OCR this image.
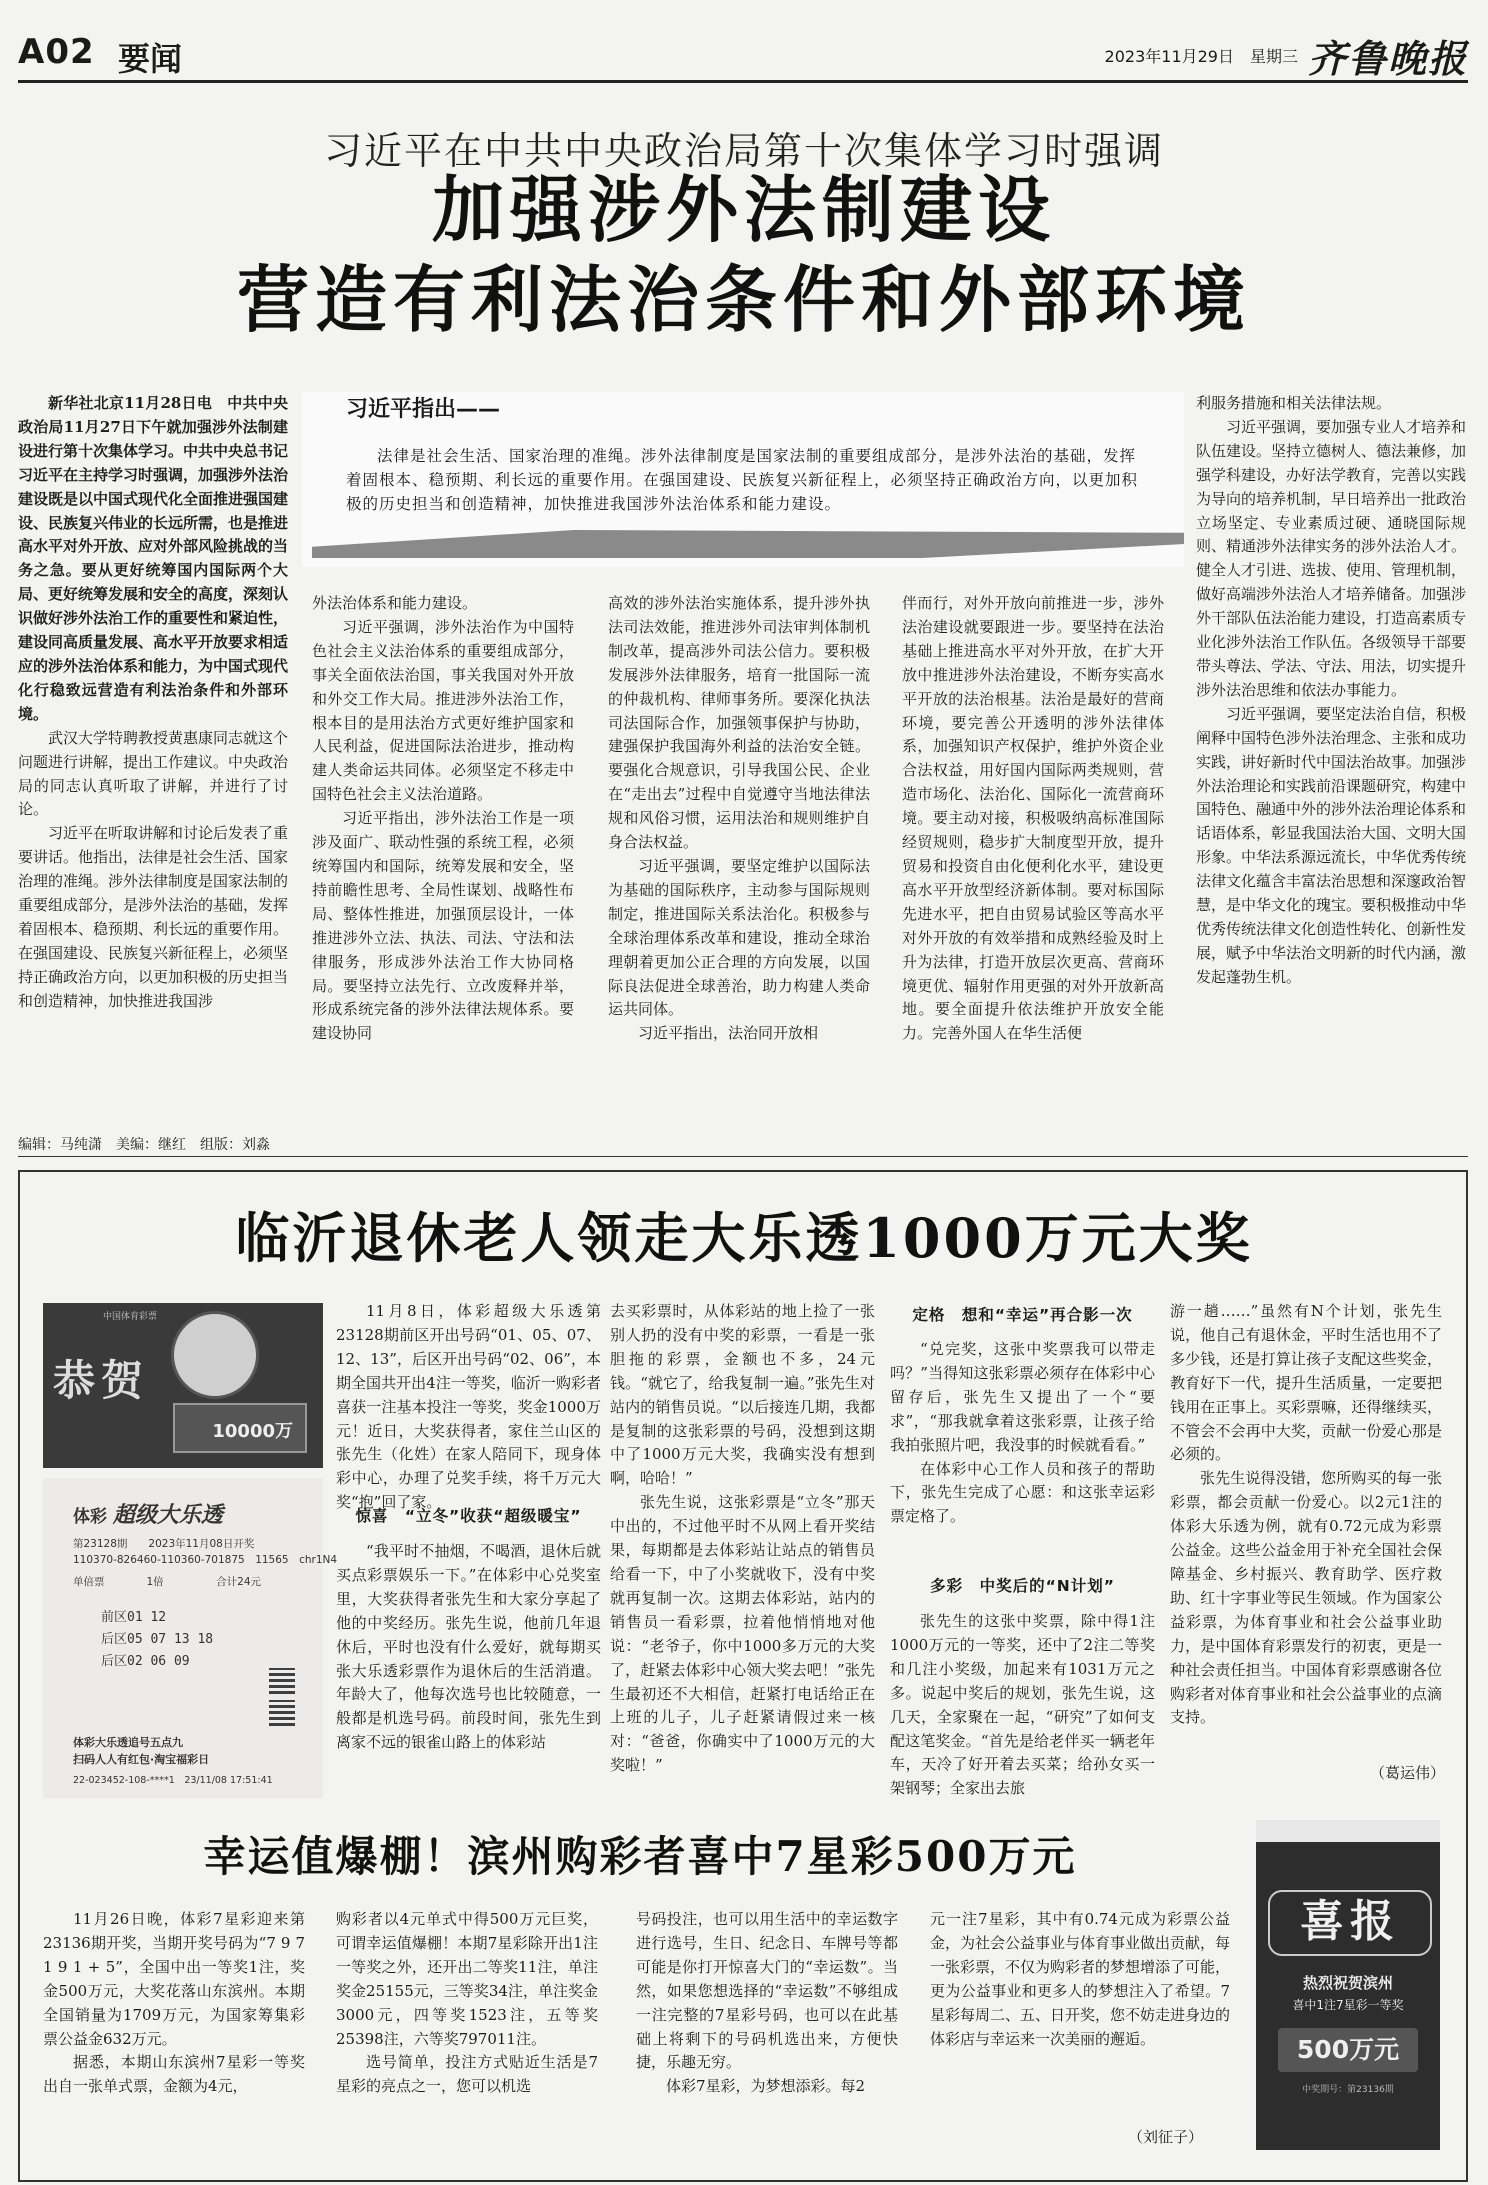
A02 要闻	2023年11月29日　星期三 齐鲁晚报
习近平在中共中央政治局第十次集体学习时强调
加强涉外法制建设
营造有利法治条件和外部环境
习近平指出——
法律是社会生活、国家治理的准绳。涉外法律制度是国家法制的重要组成部分，是涉外法治的基础，发挥着固根本、稳预期、利长远的重要作用。在强国建设、民族复兴新征程上，必须坚持正确政治方向，以更加积极的历史担当和创造精神，加快推进我国涉外法治体系和能力建设。

新华社北京11月28日电　中共中央政治局11月27日下午就加强涉外法制建设进行第十次集体学习。中共中央总书记习近平在主持学习时强调，加强涉外法治建设既是以中国式现代化全面推进强国建设、民族复兴伟业的长远所需，也是推进高水平对外开放、应对外部风险挑战的当务之急。要从更好统筹国内国际两个大局、更好统筹发展和安全的高度，深刻认识做好涉外法治工作的重要性和紧迫性，建设同高质量发展、高水平开放要求相适应的涉外法治体系和能力，为中国式现代化行稳致远营造有利法治条件和外部环境。

武汉大学特聘教授黄惠康同志就这个问题进行讲解，提出工作建议。中央政治局的同志认真听取了讲解，并进行了讨论。

习近平在听取讲解和讨论后发表了重要讲话。他指出，法律是社会生活、国家治理的准绳。涉外法律制度是国家法制的重要组成部分，是涉外法治的基础，发挥着固根本、稳预期、利长远的重要作用。在强国建设、民族复兴新征程上，必须坚持正确政治方向，以更加积极的历史担当和创造精神，加快推进我国涉

外法治体系和能力建设。

习近平强调，涉外法治作为中国特色社会主义法治体系的重要组成部分，事关全面依法治国，事关我国对外开放和外交工作大局。推进涉外法治工作，根本目的是用法治方式更好维护国家和人民利益，促进国际法治进步，推动构建人类命运共同体。必须坚定不移走中国特色社会主义法治道路。

习近平指出，涉外法治工作是一项涉及面广、联动性强的系统工程，必须统筹国内和国际，统筹发展和安全，坚持前瞻性思考、全局性谋划、战略性布局、整体性推进，加强顶层设计，一体推进涉外立法、执法、司法、守法和法律服务，形成涉外法治工作大协同格局。要坚持立法先行、立改废释并举，形成系统完备的涉外法律法规体系。要建设协同

高效的涉外法治实施体系，提升涉外执法司法效能，推进涉外司法审判体制机制改革，提高涉外司法公信力。要积极发展涉外法律服务，培育一批国际一流的仲裁机构、律师事务所。要深化执法司法国际合作，加强领事保护与协助，建强保护我国海外利益的法治安全链。要强化合规意识，引导我国公民、企业在“走出去”过程中自觉遵守当地法律法规和风俗习惯，运用法治和规则维护自身合法权益。

习近平强调，要坚定维护以国际法为基础的国际秩序，主动参与国际规则制定，推进国际关系法治化。积极参与全球治理体系改革和建设，推动全球治理朝着更加公正合理的方向发展，以国际良法促进全球善治，助力构建人类命运共同体。

习近平指出，法治同开放相

伴而行，对外开放向前推进一步，涉外法治建设就要跟进一步。要坚持在法治基础上推进高水平对外开放，在扩大开放中推进涉外法治建设，不断夯实高水平开放的法治根基。法治是最好的营商环境，要完善公开透明的涉外法律体系，加强知识产权保护，维护外资企业合法权益，用好国内国际两类规则，营造市场化、法治化、国际化一流营商环境。要主动对接，积极吸纳高标准国际经贸规则，稳步扩大制度型开放，提升贸易和投资自由化便利化水平，建设更高水平开放型经济新体制。要对标国际先进水平，把自由贸易试验区等高水平对外开放的有效举措和成熟经验及时上升为法律，打造开放层次更高、营商环境更优、辐射作用更强的对外开放新高地。要全面提升依法维护开放安全能力。完善外国人在华生活便

利服务措施和相关法律法规。

习近平强调，要加强专业人才培养和队伍建设。坚持立德树人、德法兼修，加强学科建设，办好法学教育，完善以实践为导向的培养机制，早日培养出一批政治立场坚定、专业素质过硬、通晓国际规则、精通涉外法律实务的涉外法治人才。健全人才引进、选拔、使用、管理机制，做好高端涉外法治人才培养储备。加强涉外干部队伍法治能力建设，打造高素质专业化涉外法治工作队伍。各级领导干部要带头尊法、学法、守法、用法，切实提升涉外法治思维和依法办事能力。

习近平强调，要坚定法治自信，积极阐释中国特色涉外法治理念、主张和成功实践，讲好新时代中国法治故事。加强涉外法治理论和实践前沿课题研究，构建中国特色、融通中外的涉外法治理论体系和话语体系，彰显我国法治大国、文明大国形象。中华法系源远流长，中华优秀传统法律文化蕴含丰富法治思想和深邃政治智慧，是中华文化的瑰宝。要积极推动中华优秀传统法律文化创造性转化、创新性发展，赋予中华法治文明新的时代内涵，激发起蓬勃生机。

编辑：马纯潇　美编：继红　组版：刘淼
临沂退休老人领走大乐透1000万元大奖
中国体育彩票
恭贺
10000万
体彩 超级大乐透
第23128期　　2023年11月08日开奖
110370-826460-110360-701875　11565　chr1N4
单倍票　　　　1倍　　　　　合计24元
前区01 12
后区05 07 13 18
后区02 06 09
体彩大乐透追号五点九
扫码人人有红包·淘宝福彩日
22-023452-108-****1　23/11/08 17:51:41

11月8日，体彩超级大乐透第23128期前区开出号码“01、05、07、12、13”，后区开出号码“02、06”，本期全国共开出4注一等奖，临沂一购彩者喜获一注基本投注一等奖，奖金1000万元！近日，大奖获得者，家住兰山区的张先生（化姓）在家人陪同下，现身体彩中心，办理了兑奖手续，将千万元大奖“抱”回了家。

惊喜　“立冬”收获“超级暖宝”

“我平时不抽烟，不喝酒，退休后就买点彩票娱乐一下。”在体彩中心兑奖室里，大奖获得者张先生和大家分享起了他的中奖经历。张先生说，他前几年退休后，平时也没有什么爱好，就每期买张大乐透彩票作为退休后的生活消遣。年龄大了，他每次选号也比较随意，一般都是机选号码。前段时间，张先生到离家不远的银雀山路上的体彩站

去买彩票时，从体彩站的地上捡了一张别人扔的没有中奖的彩票，一看是一张胆拖的彩票，金额也不多，24元钱。“就它了，给我复制一遍。”张先生对站内的销售员说。“以后接连几期，我都是复制的这张彩票的号码，没想到这期中了1000万元大奖，我确实没有想到啊，哈哈！”

张先生说，这张彩票是“立冬”那天中出的，不过他平时不从网上看开奖结果，每期都是去体彩站让站点的销售员给看一下，中了小奖就收下，没有中奖就再复制一次。这期去体彩站，站内的销售员一看彩票，拉着他悄悄地对他说：“老爷子，你中1000多万元的大奖了，赶紧去体彩中心领大奖去吧！”张先生最初还不大相信，赶紧打电话给正在上班的儿子，儿子赶紧请假过来一核对：“爸爸，你确实中了1000万元的大奖啦！”

定格　想和“幸运”再合影一次

“兑完奖，这张中奖票我可以带走吗？”当得知这张彩票必须存在体彩中心留存后，张先生又提出了一个“要求”，“那我就拿着这张彩票，让孩子给我拍张照片吧，我没事的时候就看看。”

在体彩中心工作人员和孩子的帮助下，张先生完成了心愿：和这张幸运彩票定格了。

多彩　中奖后的“N计划”

张先生的这张中奖票，除中得1注1000万元的一等奖，还中了2注二等奖和几注小奖级，加起来有1031万元之多。说起中奖后的规划，张先生说，这几天，全家聚在一起，“研究”了如何支配这笔奖金。“首先是给老伴买一辆老年车，天冷了好开着去买菜；给孙女买一架钢琴；全家出去旅

游一趟……”虽然有N个计划，张先生说，他自己有退休金，平时生活也用不了多少钱，还是打算让孩子支配这些奖金，教育好下一代，提升生活质量，一定要把钱用在正事上。买彩票嘛，还得继续买，不管会不会再中大奖，贡献一份爱心那是必须的。

张先生说得没错，您所购买的每一张彩票，都会贡献一份爱心。以2元1注的体彩大乐透为例，就有0.72元成为彩票公益金。这些公益金用于补充全国社会保障基金、乡村振兴、教育助学、医疗救助、红十字事业等民生领域。作为国家公益彩票，为体育事业和社会公益事业助力，是中国体育彩票发行的初衷，更是一种社会责任担当。中国体育彩票感谢各位购彩者对体育事业和社会公益事业的点滴支持。

（葛运伟）
幸运值爆棚！滨州购彩者喜中7星彩500万元

11月26日晚，体彩7星彩迎来第23136期开奖，当期开奖号码为“7 9 7 1 9 1 + 5”，全国中出一等奖1注，奖金500万元，大奖花落山东滨州。本期全国销量为1709万元，为国家筹集彩票公益金632万元。

据悉，本期山东滨州7星彩一等奖出自一张单式票，金额为4元，

购彩者以4元单式中得500万元巨奖，可谓幸运值爆棚！本期7星彩除开出1注一等奖之外，还开出二等奖11注，单注奖金25155元，三等奖34注，单注奖金3000元，四等奖1523注，五等奖25398注，六等奖797011注。

选号简单，投注方式贴近生活是7星彩的亮点之一，您可以机选

号码投注，也可以用生活中的幸运数字进行选号，生日、纪念日、车牌号等都可能是你打开惊喜大门的“幸运数”。当然，如果您想选择的“幸运数”不够组成一注完整的7星彩号码，也可以在此基础上将剩下的号码机选出来，方便快捷，乐趣无穷。

体彩7星彩，为梦想添彩。每2

元一注7星彩，其中有0.74元成为彩票公益金，为社会公益事业与体育事业做出贡献，每一张彩票，不仅为购彩者的梦想增添了可能，更为公益事业和更多人的梦想注入了希望。7星彩每周二、五、日开奖，您不妨走进身边的体彩店与幸运来一次美丽的邂逅。

（刘征子）
喜报
热烈祝贺滨州
喜中1注7星彩一等奖
500万元
中奖期号：第23136期
